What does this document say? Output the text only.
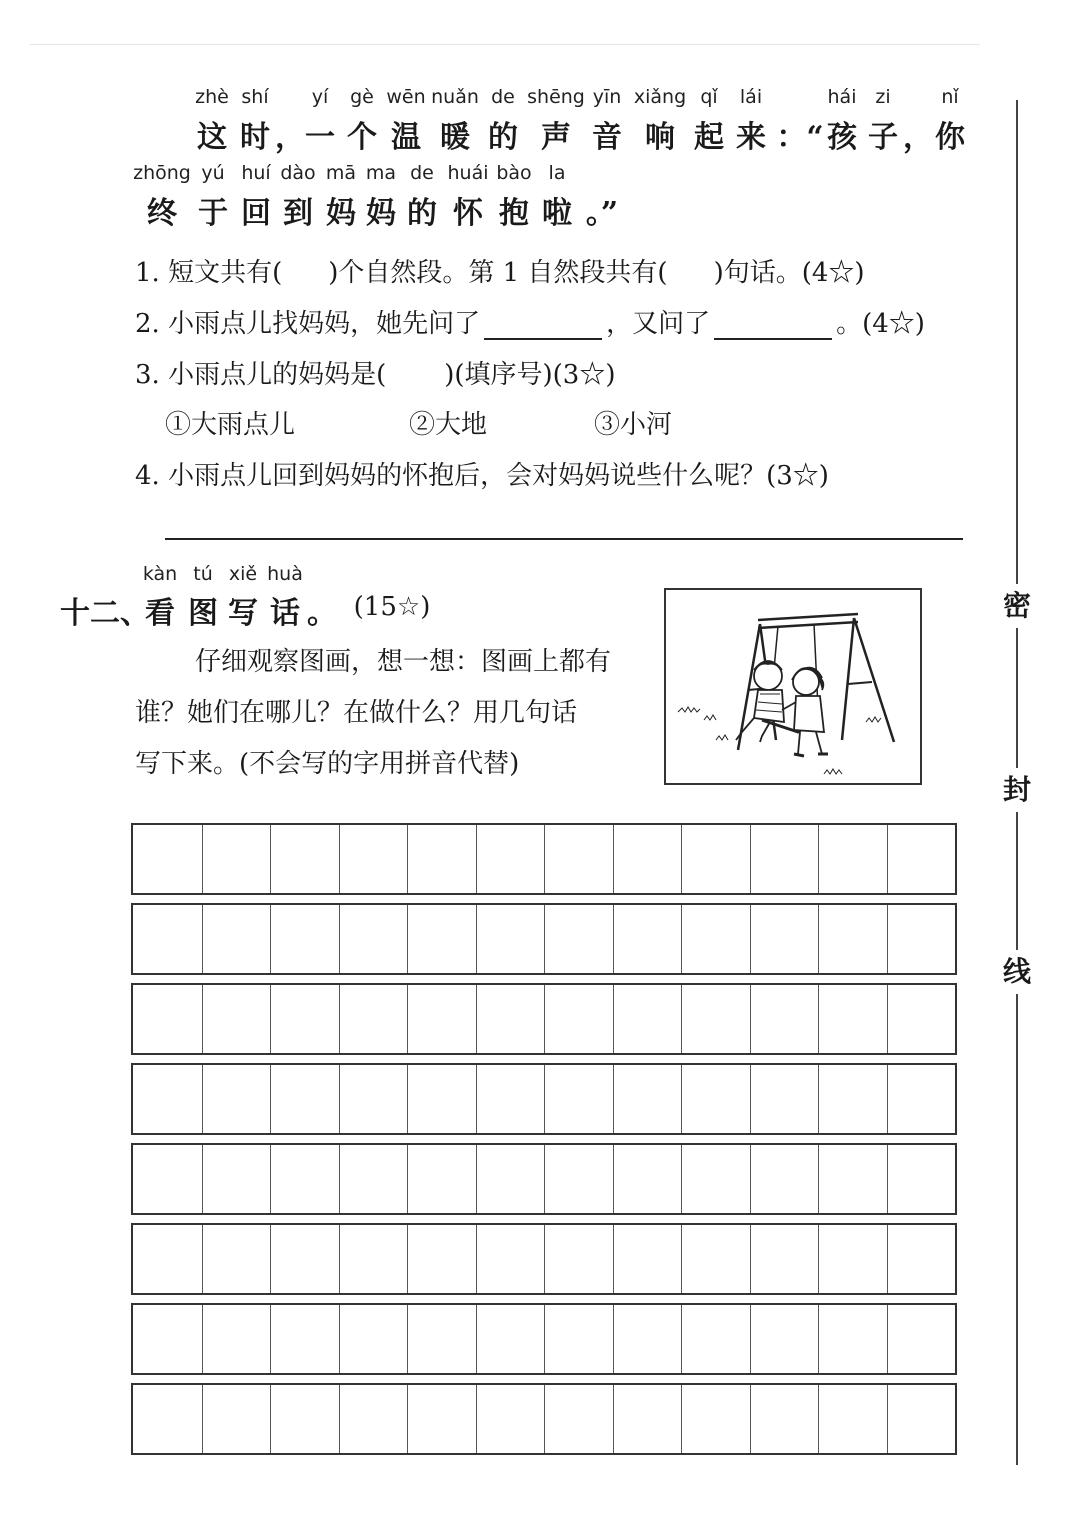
zhè shí yí gè wēn nuǎn de shēng yīn xiǎng qǐ lái	hái zi	nǐ
这 时 ， 一 个 温 暖 的 声 音 响 起 来 ：“ 孩 子 ， 你
zhōng yú huí dào mā ma de huái bào la
终 于 回 到 妈 妈 的 怀 抱 啦 。”
1. 短文共有( )个自然段。第 1 自然段共有( )句话。(4☆)
2. 小雨点儿找妈妈，她先问了	，又问了	。(4☆)
3. 小雨点儿的妈妈是( )(填序号)(3☆)
①大雨点儿	②大地	③小河
4. 小雨点儿回到妈妈的怀抱后，会对妈妈说些什么呢？(3☆)
kàn tú xiě huà
十二、
看 图 写 话 。 (15☆)
仔细观察图画，想一想：图画上都有
谁？她们在哪儿？在做什么？用几句话
写下来。(不会写的字用拼音代替)
密
封
线
